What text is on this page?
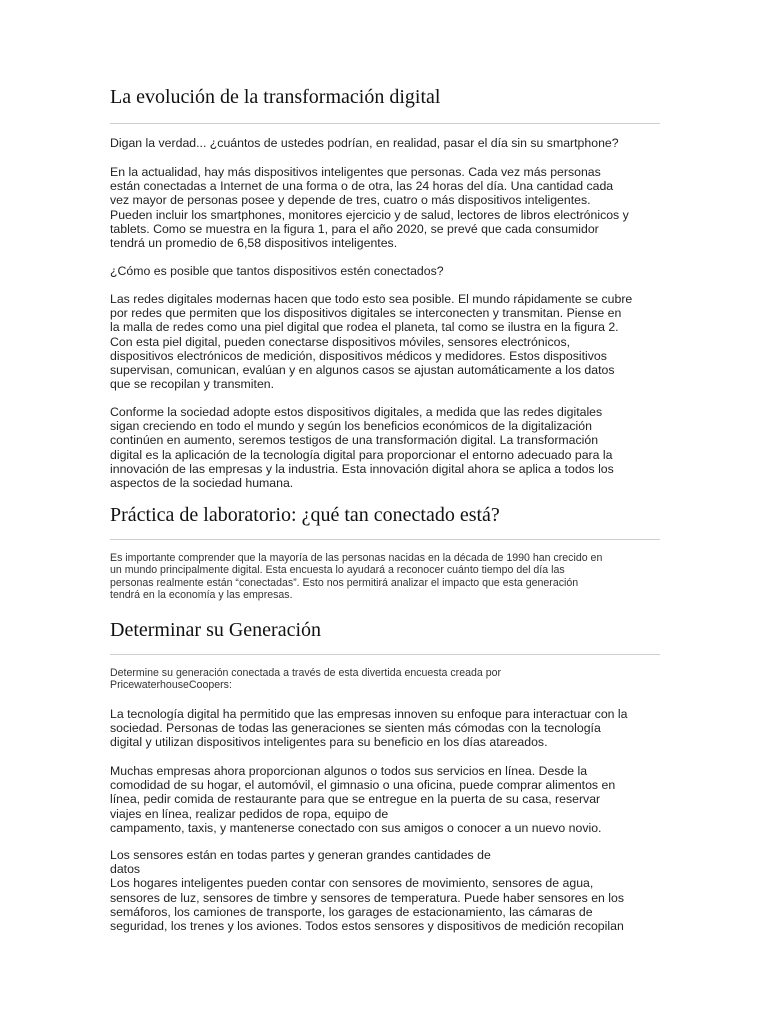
La evolución de la transformación digital

Digan la verdad... ¿cuántos de ustedes podrían, en realidad, pasar el día sin su smartphone?

En la actualidad, hay más dispositivos inteligentes que personas. Cada vez más personas
están conectadas a Internet de una forma o de otra, las 24 horas del día. Una cantidad cada
vez mayor de personas posee y depende de tres, cuatro o más dispositivos inteligentes.
Pueden incluir los smartphones, monitores ejercicio y de salud, lectores de libros electrónicos y
tablets. Como se muestra en la figura 1, para el año 2020, se prevé que cada consumidor
tendrá un promedio de 6,58 dispositivos inteligentes.

¿Cómo es posible que tantos dispositivos estén conectados?

Las redes digitales modernas hacen que todo esto sea posible. El mundo rápidamente se cubre
por redes que permiten que los dispositivos digitales se interconecten y transmitan. Piense en
la malla de redes como una piel digital que rodea el planeta, tal como se ilustra en la figura 2.
Con esta piel digital, pueden conectarse dispositivos móviles, sensores electrónicos,
dispositivos electrónicos de medición, dispositivos médicos y medidores. Estos dispositivos
supervisan, comunican, evalúan y en algunos casos se ajustan automáticamente a los datos
que se recopilan y transmiten.

Conforme la sociedad adopte estos dispositivos digitales, a medida que las redes digitales
sigan creciendo en todo el mundo y según los beneficios económicos de la digitalización
continúen en aumento, seremos testigos de una transformación digital. La transformación
digital es la aplicación de la tecnología digital para proporcionar el entorno adecuado para la
innovación de las empresas y la industria. Esta innovación digital ahora se aplica a todos los
aspectos de la sociedad humana.

Práctica de laboratorio: ¿qué tan conectado está?

Es importante comprender que la mayoría de las personas nacidas en la década de 1990 han crecido en
un mundo principalmente digital. Esta encuesta lo ayudará a reconocer cuánto tiempo del día las
personas realmente están “conectadas”. Esto nos permitirá analizar el impacto que esta generación
tendrá en la economía y las empresas.

Determinar su Generación

Determine su generación conectada a través de esta divertida encuesta creada por
PricewaterhouseCoopers:

La tecnología digital ha permitido que las empresas innoven su enfoque para interactuar con la
sociedad. Personas de todas las generaciones se sienten más cómodas con la tecnología
digital y utilizan dispositivos inteligentes para su beneficio en los días atareados.

Muchas empresas ahora proporcionan algunos o todos sus servicios en línea. Desde la
comodidad de su hogar, el automóvil, el gimnasio o una oficina, puede comprar alimentos en
línea, pedir comida de restaurante para que se entregue en la puerta de su casa, reservar
viajes en línea, realizar pedidos de ropa, equipo de
campamento, taxis, y mantenerse conectado con sus amigos o conocer a un nuevo novio.

Los sensores están en todas partes y generan grandes cantidades de
datos
Los hogares inteligentes pueden contar con sensores de movimiento, sensores de agua,
sensores de luz, sensores de timbre y sensores de temperatura. Puede haber sensores en los
semáforos, los camiones de transporte, los garages de estacionamiento, las cámaras de
seguridad, los trenes y los aviones. Todos estos sensores y dispositivos de medición recopilan
